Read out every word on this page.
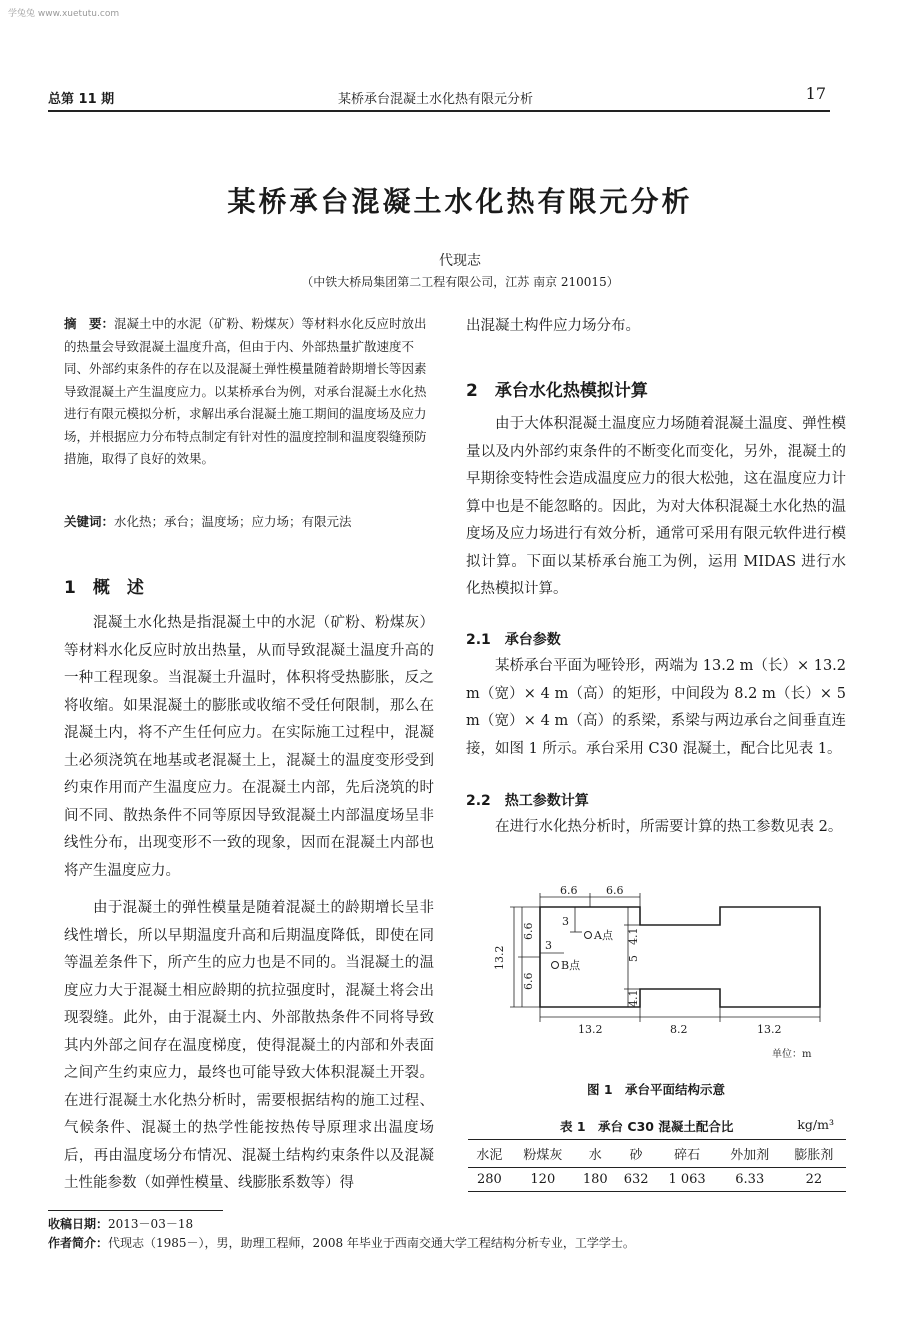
学兔兔 www.xuetutu.com
总第 11 期	某桥承台混凝土水化热有限元分析	17
某桥承台混凝土水化热有限元分析
代现志
（中铁大桥局集团第二工程有限公司，江苏 南京 210015）
摘　要：混凝土中的水泥（矿粉、粉煤灰）等材料水化反应时放出的热量会导致混凝土温度升高，但由于内、外部热量扩散速度不同、外部约束条件的存在以及混凝土弹性模量随着龄期增长等因素导致混凝土产生温度应力。以某桥承台为例，对承台混凝土水化热进行有限元模拟分析，求解出承台混凝土施工期间的温度场及应力场，并根据应力分布特点制定有针对性的温度控制和温度裂缝预防措施，取得了良好的效果。
关键词：水化热；承台；温度场；应力场；有限元法
1　概　述
混凝土水化热是指混凝土中的水泥（矿粉、粉煤灰）等材料水化反应时放出热量，从而导致混凝土温度升高的一种工程现象。当混凝土升温时，体积将受热膨胀，反之将收缩。如果混凝土的膨胀或收缩不受任何限制，那么在混凝土内，将不产生任何应力。在实际施工过程中，混凝土必须浇筑在地基或老混凝土上，混凝土的温度变形受到约束作用而产生温度应力。在混凝土内部，先后浇筑的时间不同、散热条件不同等原因导致混凝土内部温度场呈非线性分布，出现变形不一致的现象，因而在混凝土内部也将产生温度应力。
由于混凝土的弹性模量是随着混凝土的龄期增长呈非线性增长，所以早期温度升高和后期温度降低，即使在同等温差条件下，所产生的应力也是不同的。当混凝土的温度应力大于混凝土相应龄期的抗拉强度时，混凝土将会出现裂缝。此外，由于混凝土内、外部散热条件不同将导致其内外部之间存在温度梯度，使得混凝土的内部和外表面之间产生约束应力，最终也可能导致大体积混凝土开裂。在进行混凝土水化热分析时，需要根据结构的施工过程、气候条件、混凝土的热学性能按热传导原理求出温度场后，再由温度场分布情况、混凝土结构约束条件以及混凝土性能参数（如弹性模量、线膨胀系数等）得
出混凝土构件应力场分布。
2　承台水化热模拟计算
由于大体积混凝土温度应力场随着混凝土温度、弹性模量以及内外部约束条件的不断变化而变化，另外，混凝土的早期徐变特性会造成温度应力的很大松弛，这在温度应力计算中也是不能忽略的。因此，为对大体积混凝土水化热的温度场及应力场进行有效分析，通常可采用有限元软件进行模拟计算。下面以某桥承台施工为例，运用 MIDAS 进行水化热模拟计算。
2.1　承台参数
某桥承台平面为哑铃形，两端为 13.2 m（长）× 13.2 m（宽）× 4 m（高）的矩形，中间段为 8.2 m（长）× 5 m（宽）× 4 m（高）的系梁，系梁与两边承台之间垂直连接，如图 1 所示。承台采用 C30 混凝土，配合比见表 1。
2.2　热工参数计算
在进行水化热分析时，所需要计算的热工参数见表 2。
6.6	6.6
13.2
6.6
6.6
3
3
A点
B点
4.1
5
4.1
13.2	8.2	13.2
单位：m
图 1　承台平面结构示意
表 1　承台 C30 混凝土配合比	kg/m³
水泥	粉煤灰	水	砂	碎石	外加剂	膨胀剂
280	120	180	632	1 063	6.33	22
收稿日期：2013－03－18
作者简介：代现志（1985－），男，助理工程师，2008 年毕业于西南交通大学工程结构分析专业，工学学士。
